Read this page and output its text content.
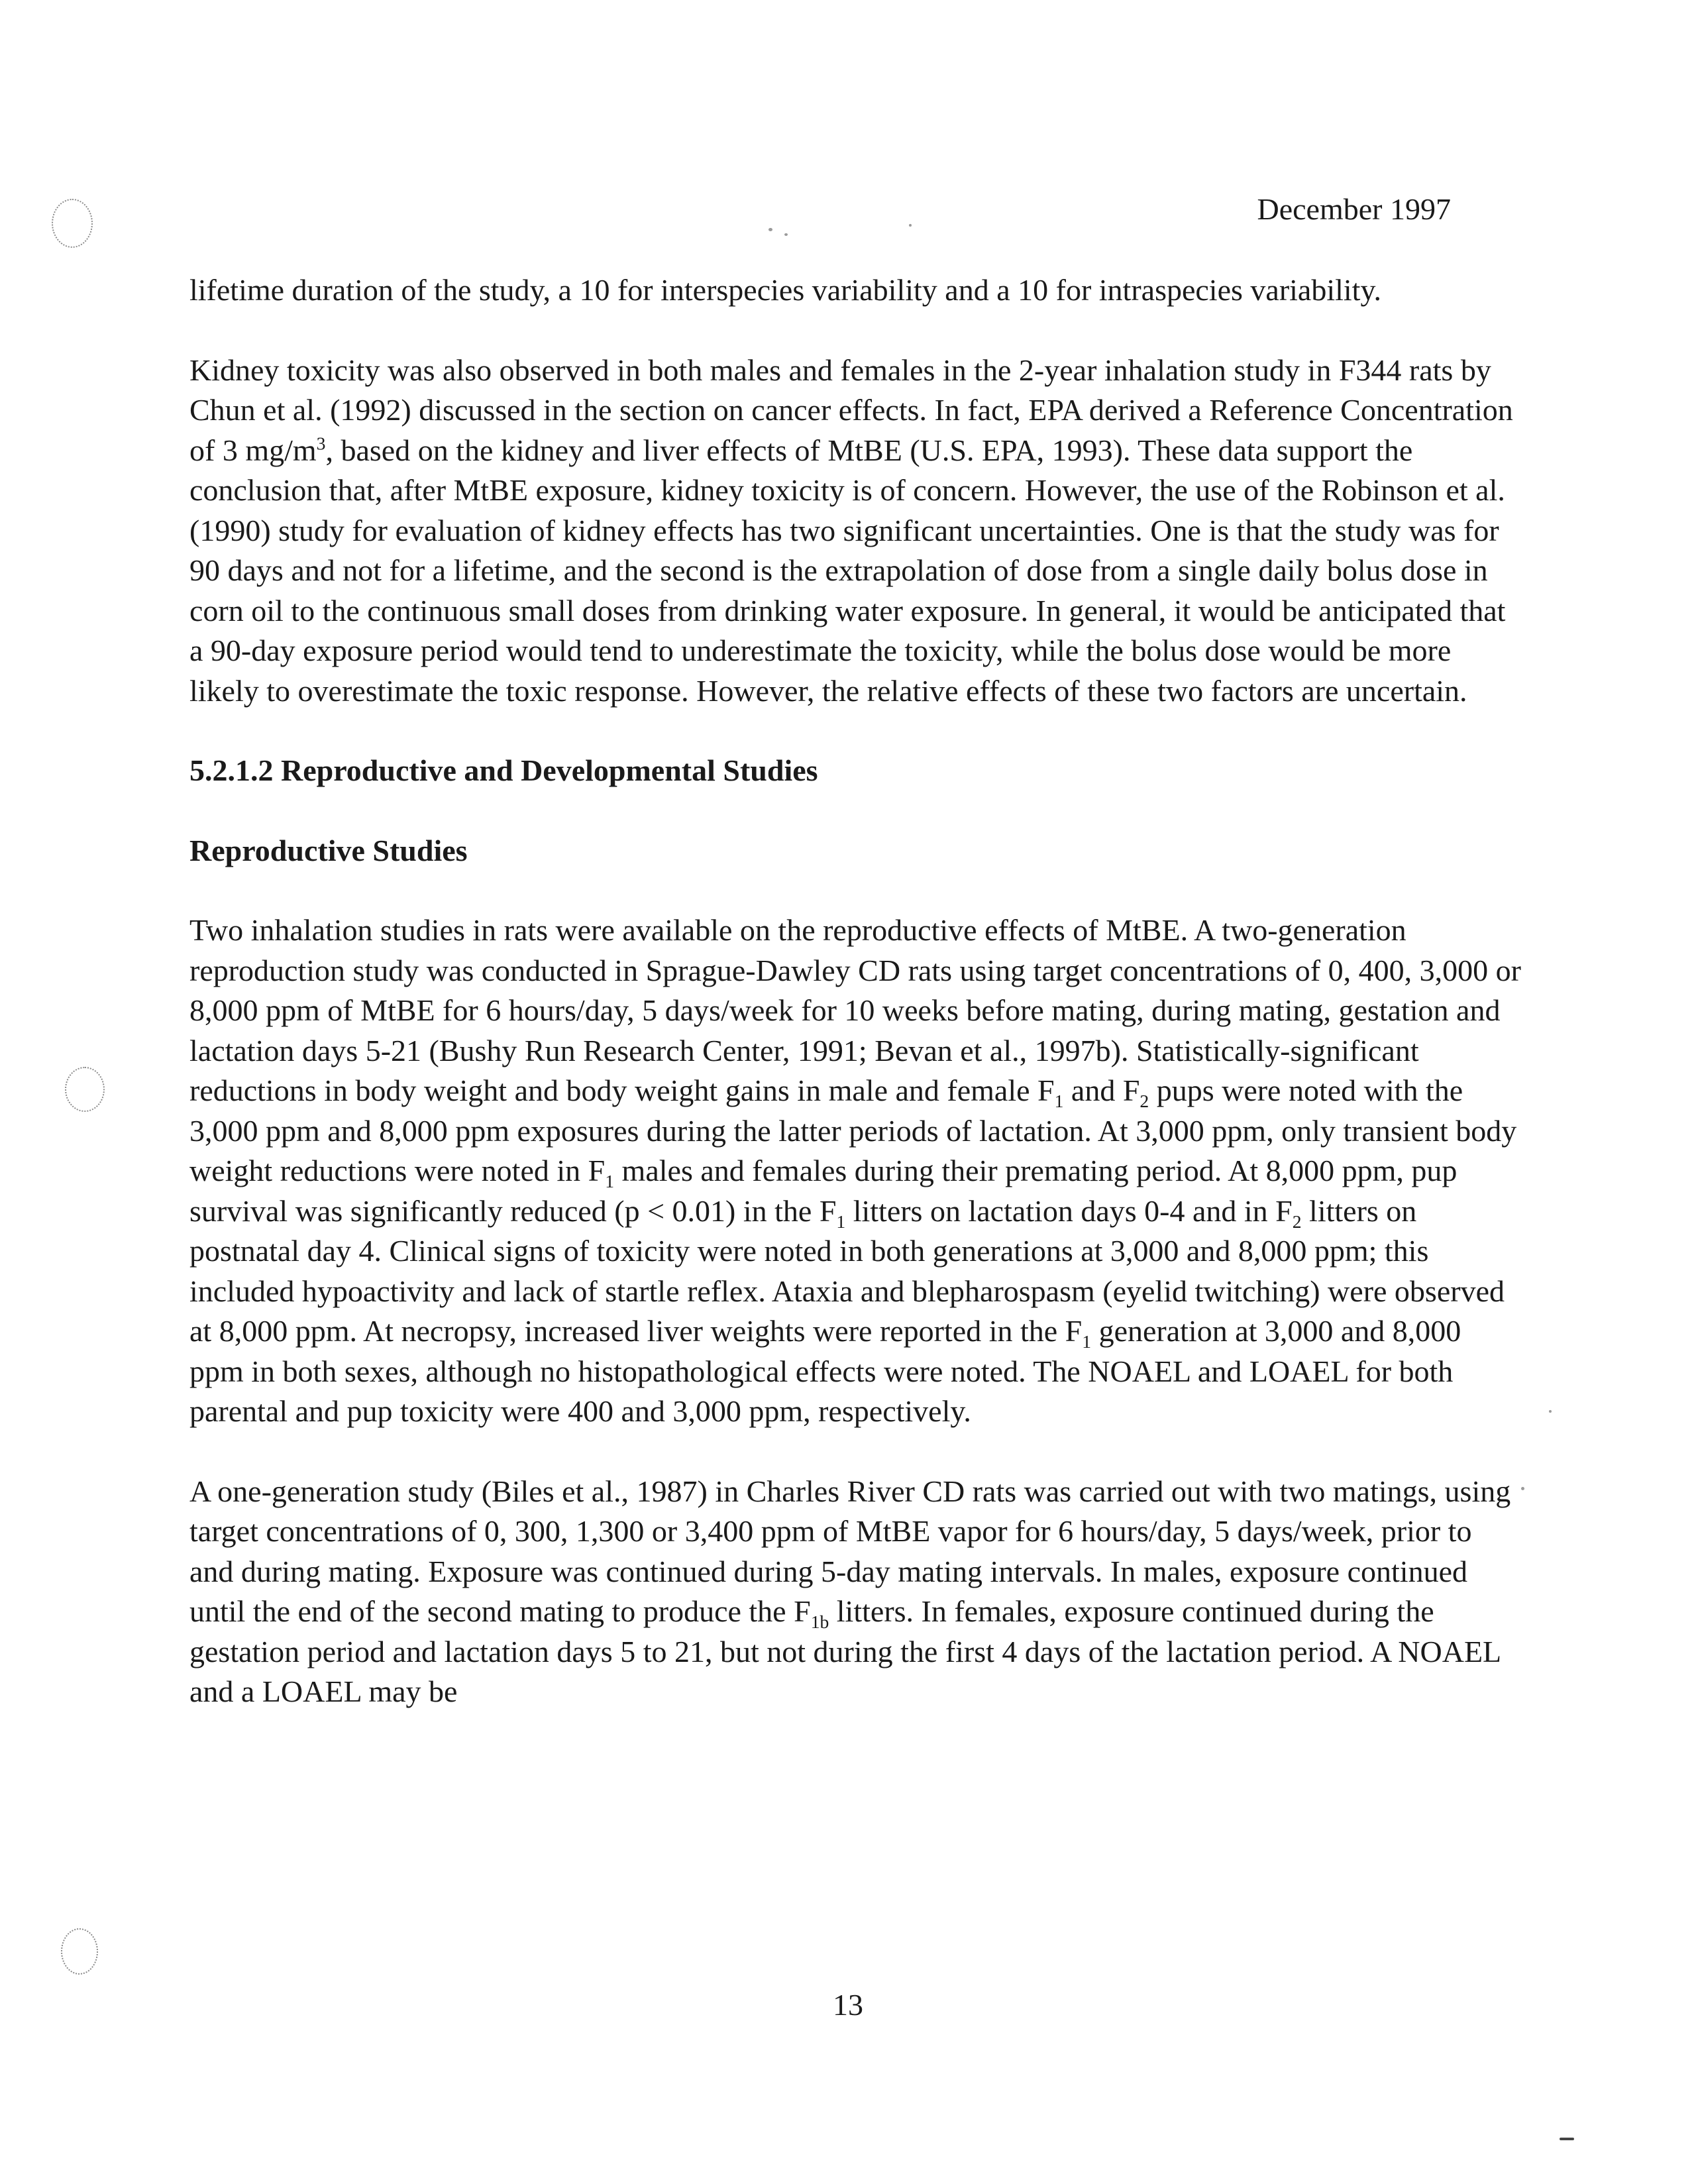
December 1997

lifetime duration of the study, a 10 for interspecies variability and a 10 for intraspecies variability.

Kidney toxicity was also observed in both males and females in the 2-year inhalation study in F344 rats by Chun et al. (1992) discussed in the section on cancer effects. In fact, EPA derived a Reference Concentration of 3 $mg/m^3$, based on the kidney and liver effects of MtBE (U.S. EPA, 1993). These data support the conclusion that, after MtBE exposure, kidney toxicity is of concern. However, the use of the Robinson et al. (1990) study for evaluation of kidney effects has two significant uncertainties. One is that the study was for 90 days and not for a lifetime, and the second is the extrapolation of dose from a single daily bolus dose in corn oil to the continuous small doses from drinking water exposure. In general, it would be anticipated that a 90-day exposure period would tend to underestimate the toxicity, while the bolus dose would be more likely to overestimate the toxic response. However, the relative effects of these two factors are uncertain.

5.2.1.2 Reproductive and Developmental Studies

Reproductive Studies

Two inhalation studies in rats were available on the reproductive effects of MtBE. A two-generation reproduction study was conducted in Sprague-Dawley CD rats using target concentrations of 0, 400, 3,000 or 8,000 ppm of MtBE for 6 hours/day, 5 days/week for 10 weeks before mating, during mating, gestation and lactation days 5-21 (Bushy Run Research Center, 1991; Bevan et al., 1997b). Statistically-significant reductions in body weight and body weight gains in male and female $F_1$ and $F_2$ pups were noted with the 3,000 ppm and 8,000 ppm exposures during the latter periods of lactation. At 3,000 ppm, only transient body weight reductions were noted in $F_1$ males and females during their premating period. At 8,000 ppm, pup survival was significantly reduced (p < 0.01) in the $F_1$ litters on lactation days 0-4 and in $F_2$ litters on postnatal day 4. Clinical signs of toxicity were noted in both generations at 3,000 and 8,000 ppm; this included hypoactivity and lack of startle reflex. Ataxia and blepharospasm (eyelid twitching) were observed at 8,000 ppm. At necropsy, increased liver weights were reported in the $F_1$ generation at 3,000 and 8,000 ppm in both sexes, although no histopathological effects were noted. The NOAEL and LOAEL for both parental and pup toxicity were 400 and 3,000 ppm, respectively.

A one-generation study (Biles et al., 1987) in Charles River CD rats was carried out with two matings, using target concentrations of 0, 300, 1,300 or 3,400 ppm of MtBE vapor for 6 hours/day, 5 days/week, prior to and during mating. Exposure was continued during 5-day mating intervals. In males, exposure continued until the end of the second mating to produce the $F_{1b}$ litters. In females, exposure continued during the gestation period and lactation days 5 to 21, but not during the first 4 days of the lactation period. A NOAEL and a LOAEL may be

13
